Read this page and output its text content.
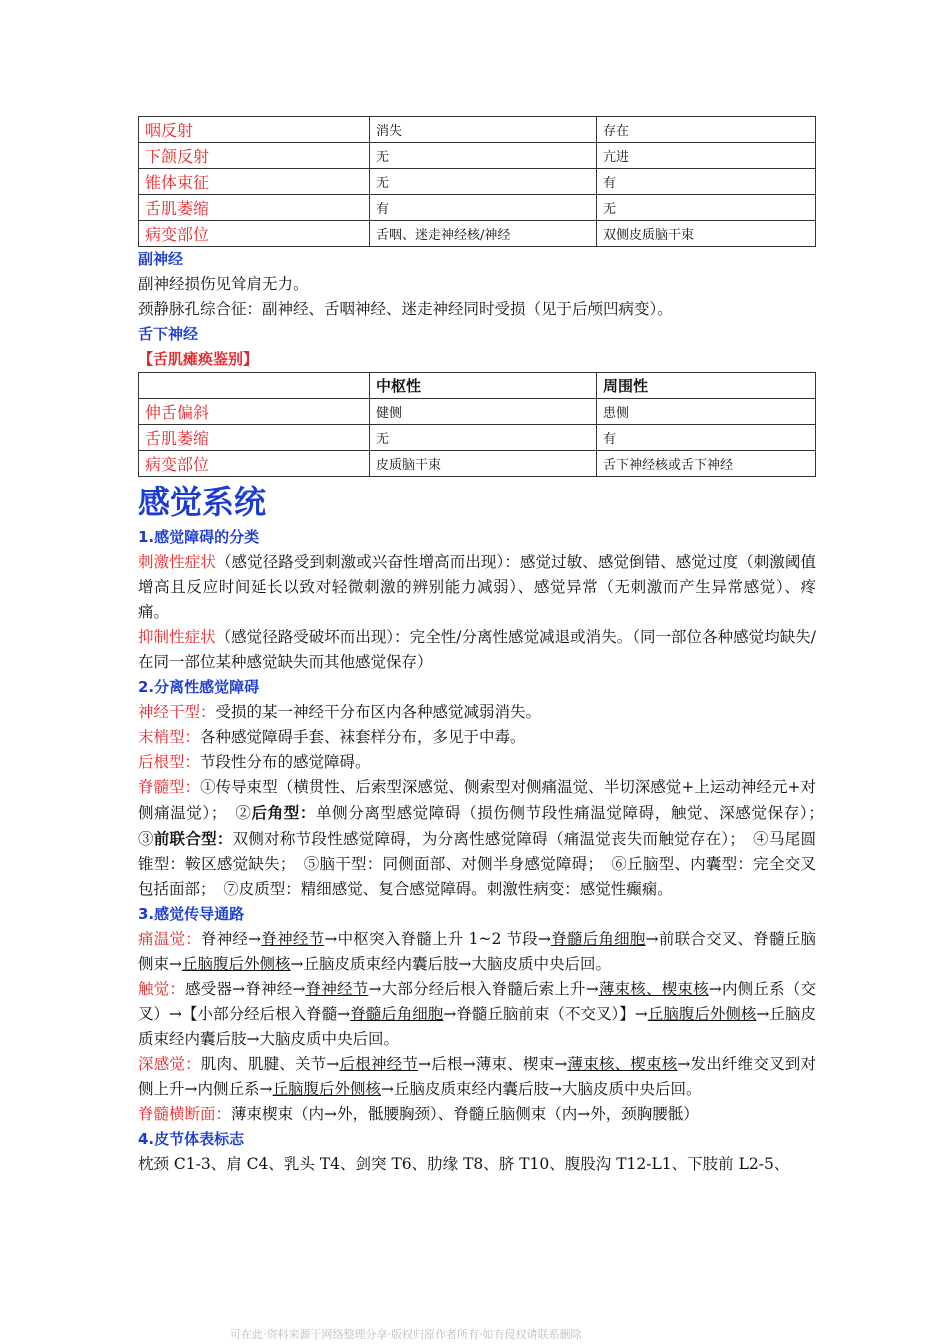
咽反射	消失	存在
下颌反射	无	亢进
锥体束征	无	有
舌肌萎缩	有	无
病变部位	舌咽、迷走神经核/神经	双侧皮质脑干束
副神经
副神经损伤见耸肩无力。
颈静脉孔综合征：副神经、舌咽神经、迷走神经同时受损（见于后颅凹病变）。
舌下神经
【舌肌瘫痪鉴别】
	中枢性	周围性
伸舌偏斜	健侧	患侧
舌肌萎缩	无	有
病变部位	皮质脑干束	舌下神经核或舌下神经
感觉系统
1.感觉障碍的分类
刺激性症状（感觉径路受到刺激或兴奋性增高而出现）：感觉过敏、感觉倒错、感觉过度（刺激阈值增高且反应时间延长以致对轻微刺激的辨别能力减弱）、感觉异常（无刺激而产生异常感觉）、疼痛。
抑制性症状（感觉径路受破坏而出现）：完全性/分离性感觉减退或消失。（同一部位各种感觉均缺失/在同一部位某种感觉缺失而其他感觉保存）
2.分离性感觉障碍
神经干型：受损的某一神经干分布区内各种感觉减弱消失。
末梢型：各种感觉障碍手套、袜套样分布，多见于中毒。
后根型：节段性分布的感觉障碍。
脊髓型：①传导束型（横贯性、后索型深感觉、侧索型对侧痛温觉、半切深感觉+上运动神经元+对侧痛温觉）；　②后角型：单侧分离型感觉障碍（损伤侧节段性痛温觉障碍，触觉、深感觉保存）；　③前联合型：双侧对称节段性感觉障碍，为分离性感觉障碍（痛温觉丧失而触觉存在）；　④马尾圆锥型：鞍区感觉缺失；　⑤脑干型：同侧面部、对侧半身感觉障碍；　⑥丘脑型、内囊型：完全交叉包括面部；　⑦皮质型：精细感觉、复合感觉障碍。刺激性病变：感觉性癫痫。
3.感觉传导通路
痛温觉：脊神经→脊神经节→中枢突入脊髓上升 1~2 节段→脊髓后角细胞→前联合交叉、脊髓丘脑侧束→丘脑腹后外侧核→丘脑皮质束经内囊后肢→大脑皮质中央后回。
触觉：感受器→脊神经→脊神经节→大部分经后根入脊髓后索上升→薄束核、楔束核→内侧丘系（交叉）→【小部分经后根入脊髓→脊髓后角细胞→脊髓丘脑前束（不交叉）】→丘脑腹后外侧核→丘脑皮质束经内囊后肢→大脑皮质中央后回。
深感觉：肌肉、肌腱、关节→后根神经节→后根→薄束、楔束→薄束核、楔束核→发出纤维交叉到对侧上升→内侧丘系→丘脑腹后外侧核→丘脑皮质束经内囊后肢→大脑皮质中央后回。
脊髓横断面：薄束楔束（内→外，骶腰胸颈）、脊髓丘脑侧束（内→外，颈胸腰骶）
4.皮节体表标志
枕颈 C1-3、肩 C4、乳头 T4、剑突 T6、肋缘 T8、脐 T10、腹股沟 T12-L1、下肢前 L2-5、
可在此·资料来源于网络整理分享·版权归原作者所有·如有侵权请联系删除
